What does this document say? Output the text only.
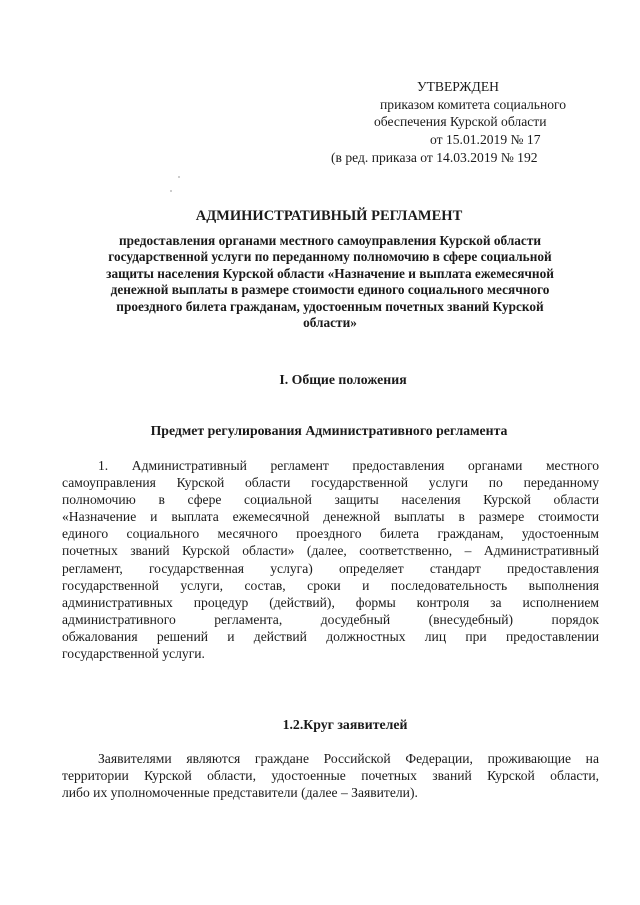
УТВЕРЖДЕН
приказом комитета социального
обеспечения Курской области
от 15.01.2019 № 17
(в ред. приказа от 14.03.2019 № 192
АДМИНИСТРАТИВНЫЙ РЕГЛАМЕНТ
предоставления органами местного самоуправления Курской области
государственной услуги по переданному полномочию в сфере социальной
защиты населения Курской области «Назначение и выплата ежемесячной
денежной выплаты в размере стоимости единого социального месячного
проездного билета гражданам, удостоенным почетных званий Курской
области»
I. Общие положения
Предмет регулирования Административного регламента
1. Административный регламент предоставления органами местного
самоуправления Курской области государственной услуги по переданному
полномочию в сфере социальной защиты населения Курской области
«Назначение и выплата ежемесячной денежной выплаты в размере стоимости
единого социального месячного проездного билета гражданам, удостоенным
почетных званий Курской области» (далее, соответственно, – Административный
регламент, государственная услуга) определяет стандарт предоставления
государственной услуги, состав, сроки и последовательность выполнения
административных процедур (действий), формы контроля за исполнением
административного регламента, досудебный (внесудебный) порядок
обжалования решений и действий должностных лиц при предоставлении
государственной услуги.
1.2.Круг заявителей
Заявителями являются граждане Российской Федерации, проживающие на
территории Курской области, удостоенные почетных званий Курской области,
либо их уполномоченные представители (далее – Заявители).
